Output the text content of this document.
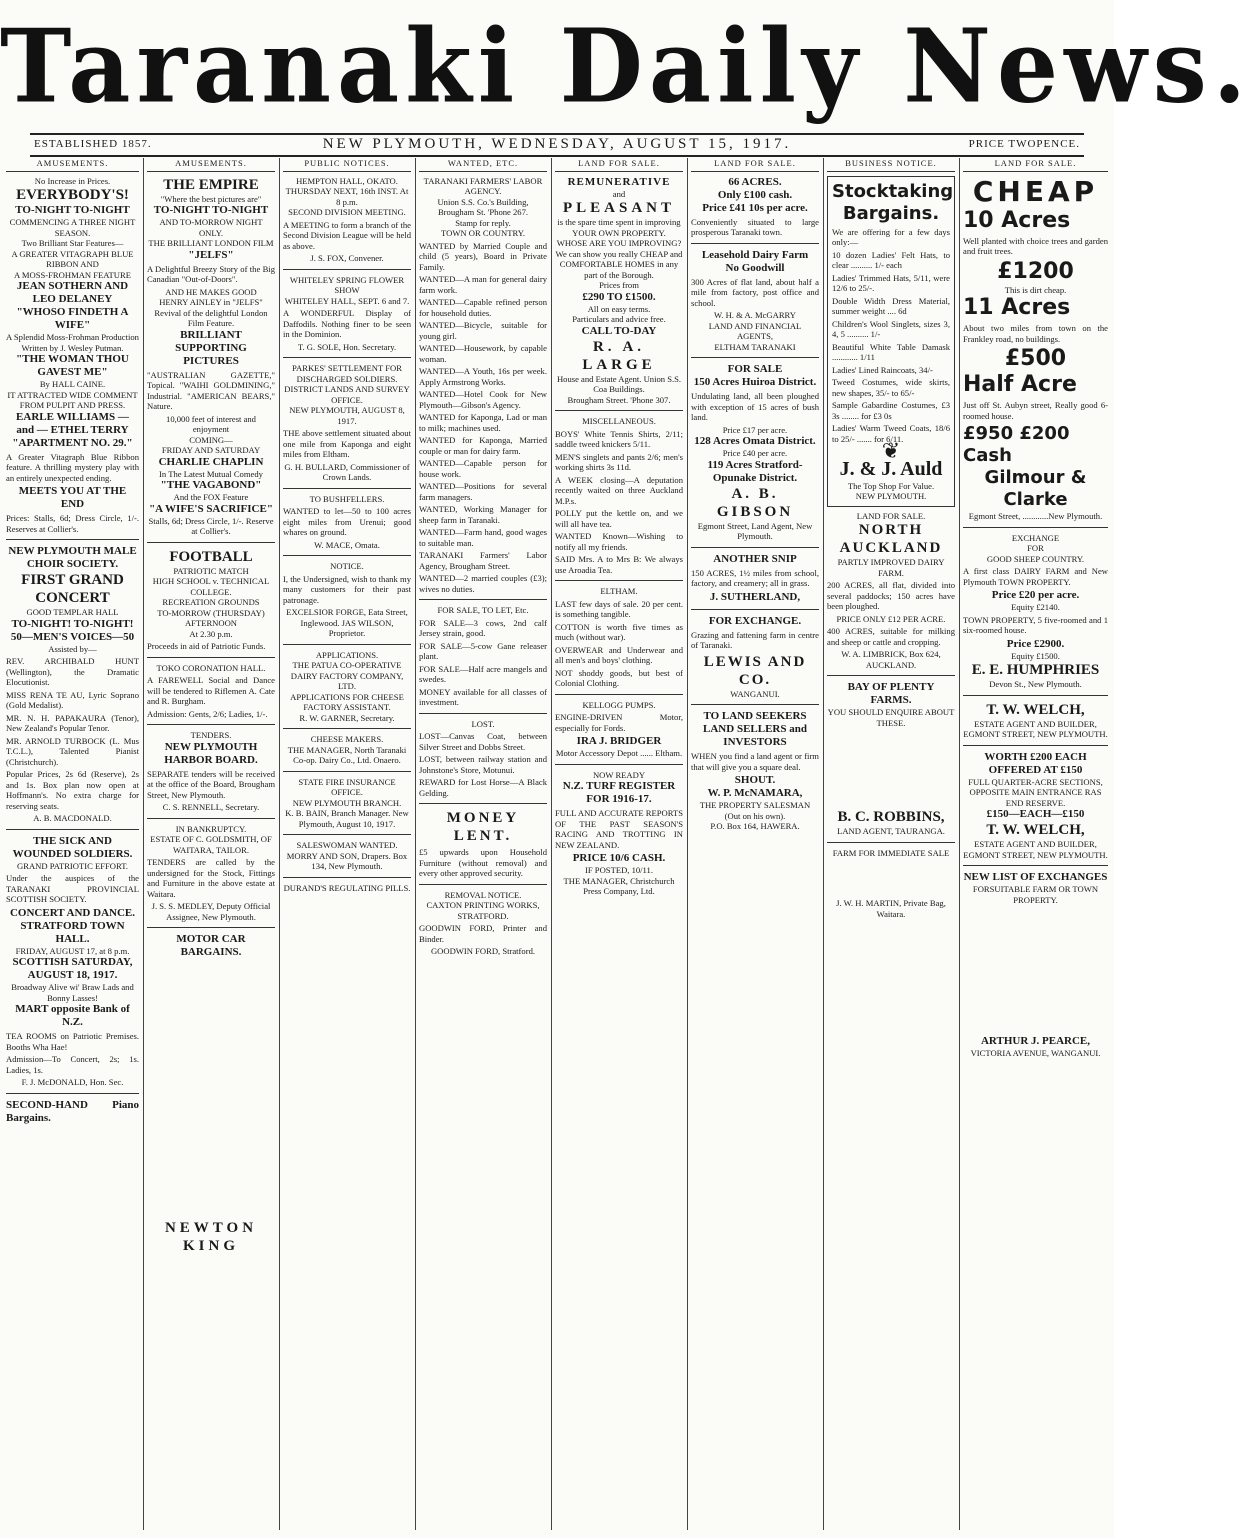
Taranaki Daily News.
ESTABLISHED 1857.	NEW PLYMOUTH, WEDNESDAY, AUGUST 15, 1917.	PRICE TWOPENCE.
AMUSEMENTS.
No Increase in Prices.
EVERYBODY'S!
TO-NIGHT TO-NIGHT
COMMENCING A THREE NIGHT SEASON.
Two Brilliant Star Features—
A GREATER VITAGRAPH BLUE RIBBON AND
A MOSS-FROHMAN FEATURE
JEAN SOTHERN AND LEO DELANEY
"WHOSO FINDETH A WIFE"
A Splendid Moss-Frohman Production Written by J. Wesley Putman.
"THE WOMAN THOU GAVEST ME"
By HALL CAINE.
IT ATTRACTED WIDE COMMENT FROM PULPIT AND PRESS.
EARLE WILLIAMS — and — ETHEL TERRY
"APARTMENT NO. 29."

A Greater Vitagraph Blue Ribbon feature. A thrilling mystery play with an entirely unexpected ending.

MEETS YOU AT THE END

Prices: Stalls, 6d; Dress Circle, 1/-. Reserves at Collier's.

NEW PLYMOUTH MALE CHOIR SOCIETY.
FIRST GRAND CONCERT
GOOD TEMPLAR HALL
TO-NIGHT! TO-NIGHT!
50—MEN'S VOICES—50
Assisted by—

REV. ARCHIBALD HUNT (Wellington), the Dramatic Elocutionist.

MISS RENA TE AU, Lyric Soprano (Gold Medalist).

MR. N. H. PAPAKAURA (Tenor), New Zealand's Popular Tenor.

MR. ARNOLD TURBOCK (L. Mus T.C.L.), Talented Pianist (Christchurch).

Popular Prices, 2s 6d (Reserve), 2s and 1s. Box plan now open at Hoffmann's. No extra charge for reserving seats.

A. B. MACDONALD.
THE SICK AND WOUNDED SOLDIERS.
GRAND PATRIOTIC EFFORT.

Under the auspices of the TARANAKI PROVINCIAL SCOTTISH SOCIETY.

CONCERT AND DANCE. STRATFORD TOWN HALL.
FRIDAY, AUGUST 17, at 8 p.m.
SCOTTISH SATURDAY, AUGUST 18, 1917.
Broadway Alive wi' Braw Lads and Bonny Lasses!
MART opposite Bank of N.Z.

TEA ROOMS on Patriotic Premises. Booths Wha Hae!

Admission—To Concert, 2s; 1s. Ladies, 1s.

F. J. McDONALD, Hon. Sec.

SECOND-HAND Piano Bargains.

AMUSEMENTS.
THE EMPIRE
"Where the best pictures are"
TO-NIGHT TO-NIGHT
AND TO-MORROW NIGHT ONLY.
THE BRILLIANT LONDON FILM
"JELFS"

A Delightful Breezy Story of the Big Canadian "Out-of-Doors".

AND HE MAKES GOOD
HENRY AINLEY in "JELFS"
Revival of the delightful London Film Feature.
BRILLIANT SUPPORTING PICTURES

"AUSTRALIAN GAZETTE," Topical. "WAIHI GOLDMINING," Industrial. "AMERICAN BEARS," Nature.

10,000 feet of interest and enjoyment
COMING—
FRIDAY AND SATURDAY
CHARLIE CHAPLIN
In The Latest Mutual Comedy
"THE VAGABOND"
And the FOX Feature
"A WIFE'S SACRIFICE"
Stalls, 6d; Dress Circle, 1/-. Reserve at Collier's.
FOOTBALL
PATRIOTIC MATCH
HIGH SCHOOL v. TECHNICAL COLLEGE.
RECREATION GROUNDS
TO-MORROW (THURSDAY) AFTERNOON
At 2.30 p.m.

Proceeds in aid of Patriotic Funds.

TOKO CORONATION HALL.

A FAREWELL Social and Dance will be tendered to Riflemen A. Cate and R. Burgham.

Admission: Gents, 2/6; Ladies, 1/-.

TENDERS.
NEW PLYMOUTH HARBOR BOARD.

SEPARATE tenders will be received at the office of the Board, Brougham Street, New Plymouth.

C. S. RENNELL, Secretary.
IN BANKRUPTCY.
ESTATE OF C. GOLDSMITH, OF WAITARA, TAILOR.

TENDERS are called by the undersigned for the Stock, Fittings and Furniture in the above estate at Waitara.

J. S. S. MEDLEY, Deputy Official Assignee, New Plymouth.
MOTOR CAR BARGAINS.
NEWTON KING
PUBLIC NOTICES.
HEMPTON HALL, OKATO.
THURSDAY NEXT, 16th INST. At 8 p.m.
SECOND DIVISION MEETING.

A MEETING to form a branch of the Second Division League will be held as above.

J. S. FOX, Convener.
WHITELEY SPRING FLOWER SHOW
WHITELEY HALL, SEPT. 6 and 7.

A WONDERFUL Display of Daffodils. Nothing finer to be seen in the Dominion.

T. G. SOLE, Hon. Secretary.
PARKES' SETTLEMENT FOR DISCHARGED SOLDIERS.
DISTRICT LANDS AND SURVEY OFFICE.
NEW PLYMOUTH, AUGUST 8, 1917.

THE above settlement situated about one mile from Kaponga and eight miles from Eltham.

G. H. BULLARD, Commissioner of Crown Lands.
TO BUSHFELLERS.

WANTED to let—50 to 100 acres eight miles from Urenui; good whares on ground.

W. MACE, Omata.
NOTICE.

I, the Undersigned, wish to thank my many customers for their past patronage.

EXCELSIOR FORGE, Eata Street, Inglewood. JAS WILSON, Proprietor.
APPLICATIONS.
THE PATUA CO-OPERATIVE DAIRY FACTORY COMPANY, LTD.
APPLICATIONS FOR CHEESE FACTORY ASSISTANT.
R. W. GARNER, Secretary.
CHEESE MAKERS.
THE MANAGER, North Taranaki Co-op. Dairy Co., Ltd. Onaero.
STATE FIRE INSURANCE OFFICE.
NEW PLYMOUTH BRANCH.
K. B. BAIN, Branch Manager. New Plymouth, August 10, 1917.
SALESWOMAN WANTED.
MORRY AND SON, Drapers. Box 134, New Plymouth.
DURAND'S REGULATING PILLS.
WANTED, ETC.
TARANAKI FARMERS' LABOR AGENCY.
Union S.S. Co.'s Building, Brougham St. 'Phone 267.
Stamp for reply.
TOWN OR COUNTRY.

WANTED by Married Couple and child (5 years), Board in Private Family.

WANTED—A man for general dairy farm work.

WANTED—Capable refined person for household duties.

WANTED—Bicycle, suitable for young girl.

WANTED—Housework, by capable woman.

WANTED—A Youth, 16s per week. Apply Armstrong Works.

WANTED—Hotel Cook for New Plymouth—Gibson's Agency.

WANTED for Kaponga, Lad or man to milk; machines used.

WANTED for Kaponga, Married couple or man for dairy farm.

WANTED—Capable person for house work.

WANTED—Positions for several farm managers.

WANTED, Working Manager for sheep farm in Taranaki.

WANTED—Farm hand, good wages to suitable man.

TARANAKI Farmers' Labor Agency, Brougham Street.

WANTED—2 married couples (£3); wives no duties.

FOR SALE, TO LET, Etc.

FOR SALE—3 cows, 2nd calf Jersey strain, good.

FOR SALE—5-cow Gane releaser plant.

FOR SALE—Half acre mangels and swedes.

MONEY available for all classes of investment.

LOST.

LOST—Canvas Coat, between Silver Street and Dobbs Street.

LOST, between railway station and Johnstone's Store, Motunui.

REWARD for Lost Horse—A Black Gelding.

MONEY LENT.

£5 upwards upon Household Furniture (without removal) and every other approved security.

REMOVAL NOTICE.
CAXTON PRINTING WORKS, STRATFORD.

GOODWIN FORD, Printer and Binder.

GOODWIN FORD, Stratford.
LAND FOR SALE.
REMUNERATIVE
and
PLEASANT
is the spare time spent in improving
YOUR OWN PROPERTY.
WHOSE ARE YOU IMPROVING?
We can show you really CHEAP and COMFORTABLE HOMES in any part of the Borough.
Prices from
£290 TO £1500.
All on easy terms.
Particulars and advice free.
CALL TO-DAY
R. A. LARGE
House and Estate Agent. Union S.S. Coa Buildings.
Brougham Street. 'Phone 307.
MISCELLANEOUS.

BOYS' White Tennis Shirts, 2/11; saddle tweed knickers 5/11.

MEN'S singlets and pants 2/6; men's working shirts 3s 11d.

A WEEK closing—A deputation recently waited on three Auckland M.P.s.

POLLY put the kettle on, and we will all have tea.

WANTED Known—Wishing to notify all my friends.

SAID Mrs. A to Mrs B: We always use Aroadia Tea.

ELTHAM.

LAST few days of sale. 20 per cent. is something tangible.

COTTON is worth five times as much (without war).

OVERWEAR and Underwear and all men's and boys' clothing.

NOT shoddy goods, but best of Colonial Clothing.

KELLOGG PUMPS.

ENGINE-DRIVEN Motor, especially for Fords.

IRA J. BRIDGER
Motor Accessory Depot ...... Eltham.
NOW READY
N.Z. TURF REGISTER FOR 1916-17.

FULL AND ACCURATE REPORTS OF THE PAST SEASON'S RACING AND TROTTING IN NEW ZEALAND.

PRICE 10/6 CASH.
IF POSTED, 10/11.
THE MANAGER, Christchurch Press Company, Ltd.
LAND FOR SALE.
66 ACRES.
Only £100 cash.
Price £41 10s per acre.

Conveniently situated to large prosperous Taranaki town.

Leasehold Dairy Farm
No Goodwill

300 Acres of flat land, about half a mile from factory, post office and school.

W. H. & A. McGARRY
LAND AND FINANCIAL AGENTS,
ELTHAM TARANAKI
FOR SALE
150 Acres Huiroa District.

Undulating land, all been ploughed with exception of 15 acres of bush land.

Price £17 per acre.
128 Acres Omata District.
Price £40 per acre.
119 Acres Stratford-Opunake District.
A. B. GIBSON
Egmont Street, Land Agent, New Plymouth.
ANOTHER SNIP

150 ACRES, 1½ miles from school, factory, and creamery; all in grass.

J. SUTHERLAND,
FOR EXCHANGE.

Grazing and fattening farm in centre of Taranaki.

LEWIS AND CO.
WANGANUI.
TO LAND SEEKERS
LAND SELLERS and INVESTORS

WHEN you find a land agent or firm that will give you a square deal.

SHOUT.
W. P. McNAMARA,
THE PROPERTY SALESMAN (Out on his own).
P.O. Box 164, HAWERA.
BUSINESS NOTICE.
Stocktaking
Bargains.

We are offering for a few days only:—

10 dozen Ladies' Felt Hats, to clear .......... 1/- each

Ladies' Trimmed Hats, 5/11, were 12/6 to 25/-.

Double Width Dress Material, summer weight .... 6d

Children's Wool Singlets, sizes 3, 4, 5 .......... 1/-

Beautiful White Table Damask ............ 1/11

Ladies' Lined Raincoats, 34/-

Tweed Costumes, wide skirts, new shapes, 35/- to 65/-

Sample Gabardine Costumes, £3 3s ........ for £3 0s

Ladies' Warm Tweed Coats, 18/6 to 25/- ....... for 6/11.

❦
J. & J. Auld
The Top Shop For Value.
NEW PLYMOUTH.
LAND FOR SALE.
NORTH AUCKLAND
PARTLY IMPROVED DAIRY FARM.

200 ACRES, all flat, divided into several paddocks; 150 acres have been ploughed.

PRICE ONLY £12 PER ACRE.

400 ACRES, suitable for milking and sheep or cattle and cropping.

W. A. LIMBRICK, Box 624, AUCKLAND.
BAY OF PLENTY FARMS.
YOU SHOULD ENQUIRE ABOUT THESE.
B. C. ROBBINS,
LAND AGENT, TAURANGA.
FARM FOR IMMEDIATE SALE
J. W. H. MARTIN, Private Bag, Waitara.
LAND FOR SALE.
CHEAP
10 Acres

Well planted with choice trees and garden and fruit trees.

£1200
This is dirt cheap.
11 Acres

About two miles from town on the Frankley road, no buildings.

£500
Half Acre

Just off St. Aubyn street, Really good 6-roomed house.

£950 £200 Cash
Gilmour & Clarke
Egmont Street, ............New Plymouth.
EXCHANGE
FOR
GOOD SHEEP COUNTRY.

A first class DAIRY FARM and New Plymouth TOWN PROPERTY.

Price £20 per acre.
Equity £2140.

TOWN PROPERTY, 5 five-roomed and 1 six-roomed house.

Price £2900.
Equity £1500.
E. E. HUMPHRIES
Devon St., New Plymouth.
T. W. WELCH,
ESTATE AGENT AND BUILDER, EGMONT STREET, NEW PLYMOUTH.
WORTH £200 EACH
OFFERED AT £150
FULL QUARTER-ACRE SECTIONS, OPPOSITE MAIN ENTRANCE RAS END RESERVE.
£150—EACH—£150
T. W. WELCH,
ESTATE AGENT AND BUILDER, EGMONT STREET, NEW PLYMOUTH.
NEW LIST OF EXCHANGES
FORSUITABLE FARM OR TOWN PROPERTY.
ARTHUR J. PEARCE,
VICTORIA AVENUE, WANGANUI.
